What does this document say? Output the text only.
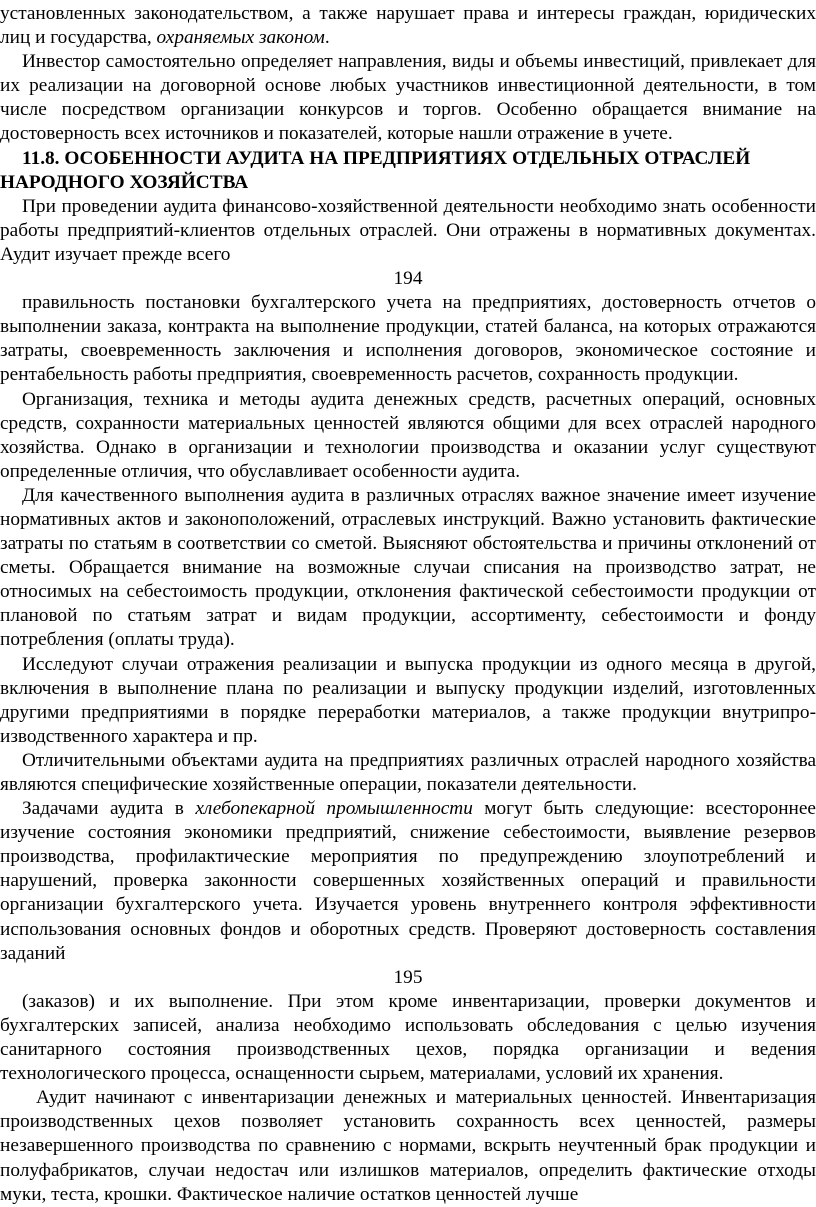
установленных законодательством, а также нарушает права и интересы граждан, юридических лиц и государства, охраняемых законом.

Инвестор самостоятельно определяет направления, виды и объемы инвестиций, привлекает для их реализации на договорной основе любых участников инвестиционной деятельности, в том числе посредством организации конкурсов и торгов. Особенно обращается внимание на достоверность всех источников и показателей, которые нашли отражение в учете.

11.8. ОСОБЕННОСТИ АУДИТА НА ПРЕДПРИЯТИЯХ ОТДЕЛЬНЫХ ОТРАСЛЕЙ НАРОДНОГО ХОЗЯЙСТВА

При проведении аудита финансово-хозяйственной деятельности необходимо знать особенности работы предприятий-клиентов отдельных отраслей. Они отражены в нормативных документах. Аудит изучает прежде всего

194

правильность постановки бухгалтерского учета на предприятиях, достоверность отчетов о выполнении заказа, контракта на выполнение продукции, статей баланса, на которых отражаются затраты, своевременность заключения и исполнения договоров, экономическое состояние и рентабельность работы предприятия, своевременность расчетов, сохранность продукции.

Организация, техника и методы аудита денежных средств, расчетных операций, основных средств, сохранности материальных ценностей являются общими для всех отраслей народного хозяйства. Однако в организации и технологии производства и оказании услуг существуют определенные отличия, что обуславливает особенности аудита.

Для качественного выполнения аудита в различных отраслях важное значение имеет изучение нормативных актов и законоположений, отраслевых инструкций. Важно установить фактические затраты по статьям в соответствии со сметой. Выясняют обстоятельства и причины отклонений от сметы. Обращается внимание на возможные случаи списания на производство затрат, не относимых на себестоимость продукции, отклонения фактической себестоимости продукции от плановой по статьям затрат и видам продукции, ассортименту, себестоимости и фонду потребления (оплаты труда).

Исследуют случаи отражения реализации и выпуска продукции из одного месяца в другой, включения в выполнение плана по реализации и выпуску продукции изделий, изготовленных другими предприятиями в порядке переработки материалов, а также продукции внутрипроизводственного характера и пр.

Отличительными объектами аудита на предприятиях различных отраслей народного хозяйства являются специфические хозяйственные операции, показатели деятельности.

Задачами аудита в хлебопекарной промышленности могут быть следующие: всестороннее изучение состояния экономики предприятий, снижение себестоимости, выявление резервов производства, профилактические мероприятия по предупреждению злоупотреблений и нарушений, проверка законности совершенных хозяйственных операций и правильности организации бухгалтерского учета. Изучается уровень внутреннего контроля эффективности использования основных фондов и оборотных средств. Проверяют достоверность составления заданий

195

(заказов) и их выполнение. При этом кроме инвентаризации, проверки документов и бухгалтерских записей, анализа необходимо использовать обследования с целью изучения санитарного состояния производственных цехов, порядка организации и ведения технологического процесса, оснащенности сырьем, материалами, условий их хранения.

Аудит начинают с инвентаризации денежных и материальных ценностей. Инвентаризация производственных цехов позволяет установить сохранность всех ценностей, размеры незавершенного производства по сравнению с нормами, вскрыть неучтенный брак продукции и полуфабрикатов, случаи недостач или излишков материалов, определить фактические отходы муки, теста, крошки. Фактическое наличие остатков ценностей лучше
